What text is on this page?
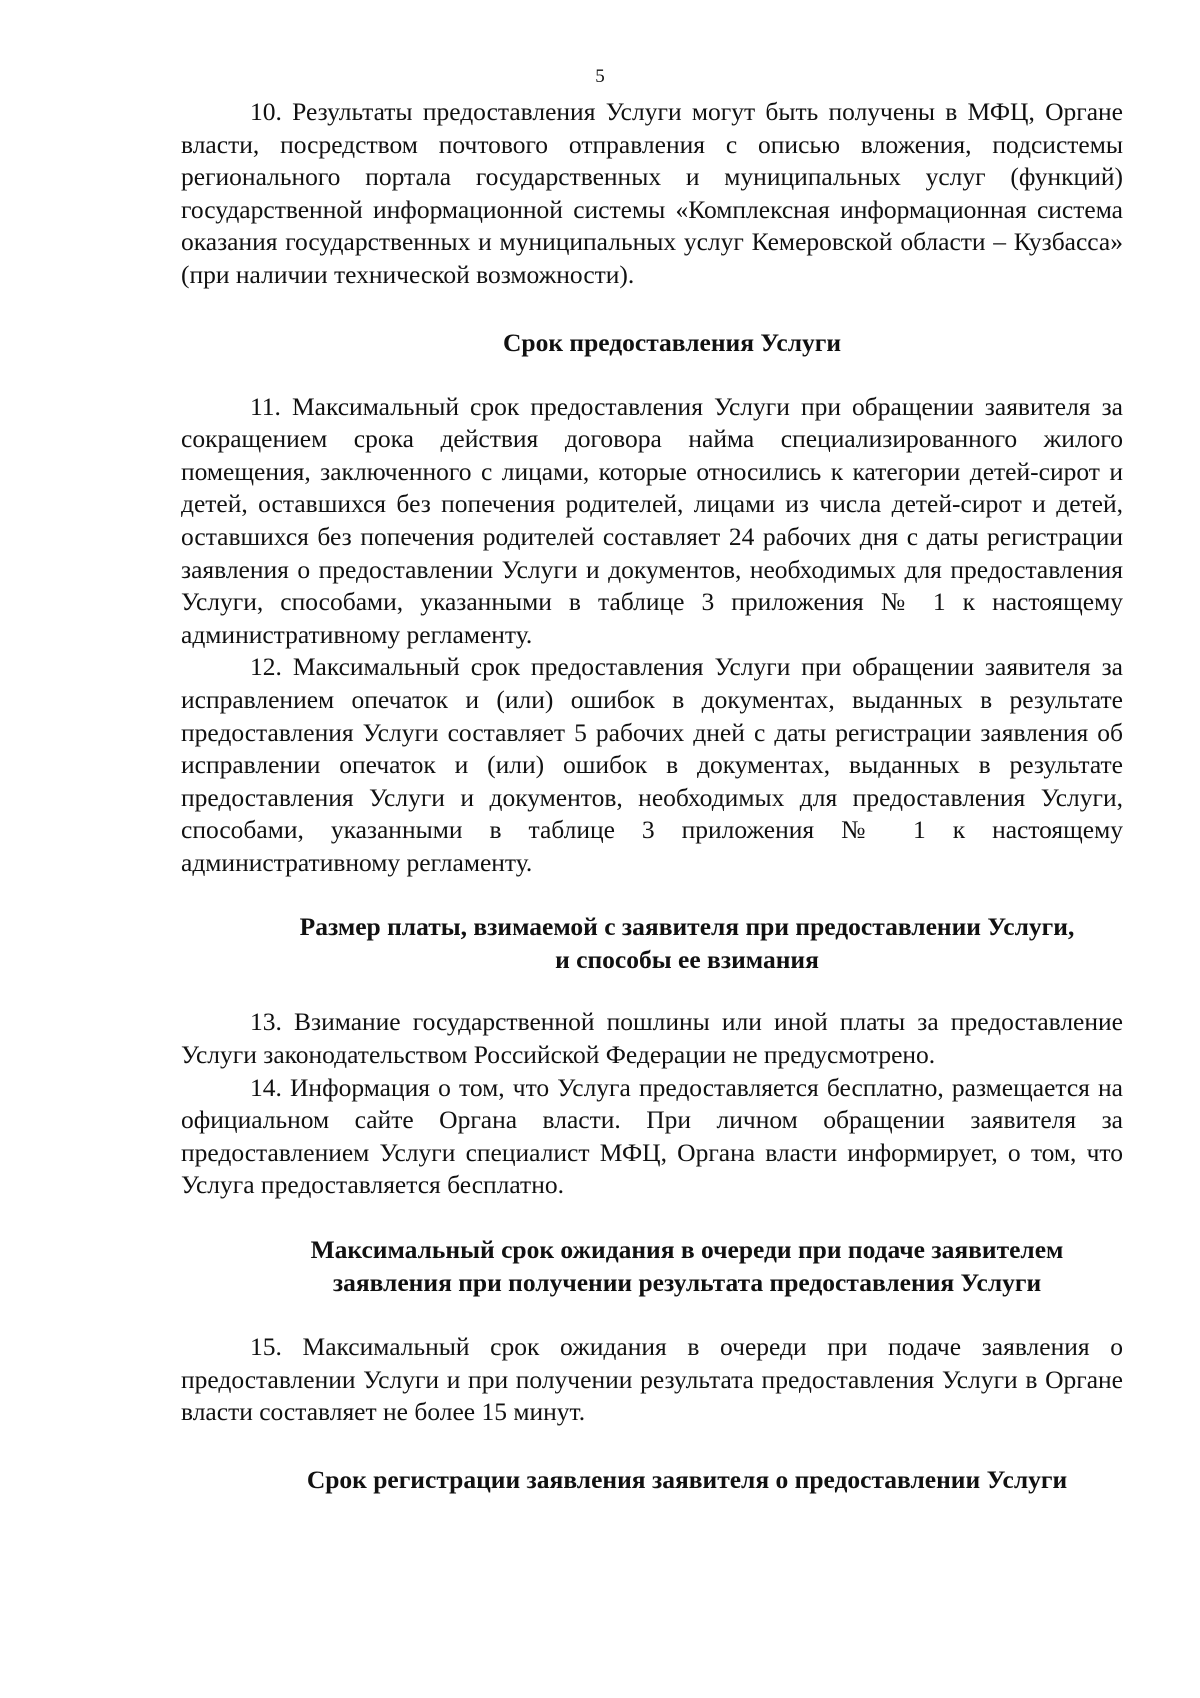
5

10. Результаты предоставления Услуги могут быть получены в МФЦ, Органе власти, посредством почтового отправления с описью вложения, подсистемы регионального портала государственных и муниципальных услуг (функций) государственной информационной системы «Комплексная информационная система оказания государственных и муниципальных услуг Кемеровской области – Кузбасса» (при наличии технической возможности).

Срок предоставления Услуги

11. Максимальный срок предоставления Услуги при обращении заявителя за сокращением срока действия договора найма специализированного жилого помещения, заключенного с лицами, которые относились к категории детей-сирот и детей, оставшихся без попечения родителей, лицами из числа детей-сирот и детей, оставшихся без попечения родителей составляет 24 рабочих дня с даты регистрации заявления о предоставлении Услуги и документов, необходимых для предоставления Услуги, способами, указанными в таблице 3 приложения № 1 к настоящему административному регламенту.

12. Максимальный срок предоставления Услуги при обращении заявителя за исправлением опечаток и (или) ошибок в документах, выданных в результате предоставления Услуги составляет 5 рабочих дней с даты регистрации заявления об исправлении опечаток и (или) ошибок в документах, выданных в результате предоставления Услуги и документов, необходимых для предоставления Услуги, способами, указанными в таблице 3 приложения № 1 к настоящему административному регламенту.

Размер платы, взимаемой с заявителя при предоставлении Услуги,
и способы ее взимания

13. Взимание государственной пошлины или иной платы за предоставление Услуги законодательством Российской Федерации не предусмотрено.

14. Информация о том, что Услуга предоставляется бесплатно, размещается на официальном сайте Органа власти. При личном обращении заявителя за предоставлением Услуги специалист МФЦ, Органа власти информирует, о том, что Услуга предоставляется бесплатно.

Максимальный срок ожидания в очереди при подаче заявителем
заявления при получении результата предоставления Услуги

15. Максимальный срок ожидания в очереди при подаче заявления о предоставлении Услуги и при получении результата предоставления Услуги в Органе власти составляет не более 15 минут.

Срок регистрации заявления заявителя о предоставлении Услуги
